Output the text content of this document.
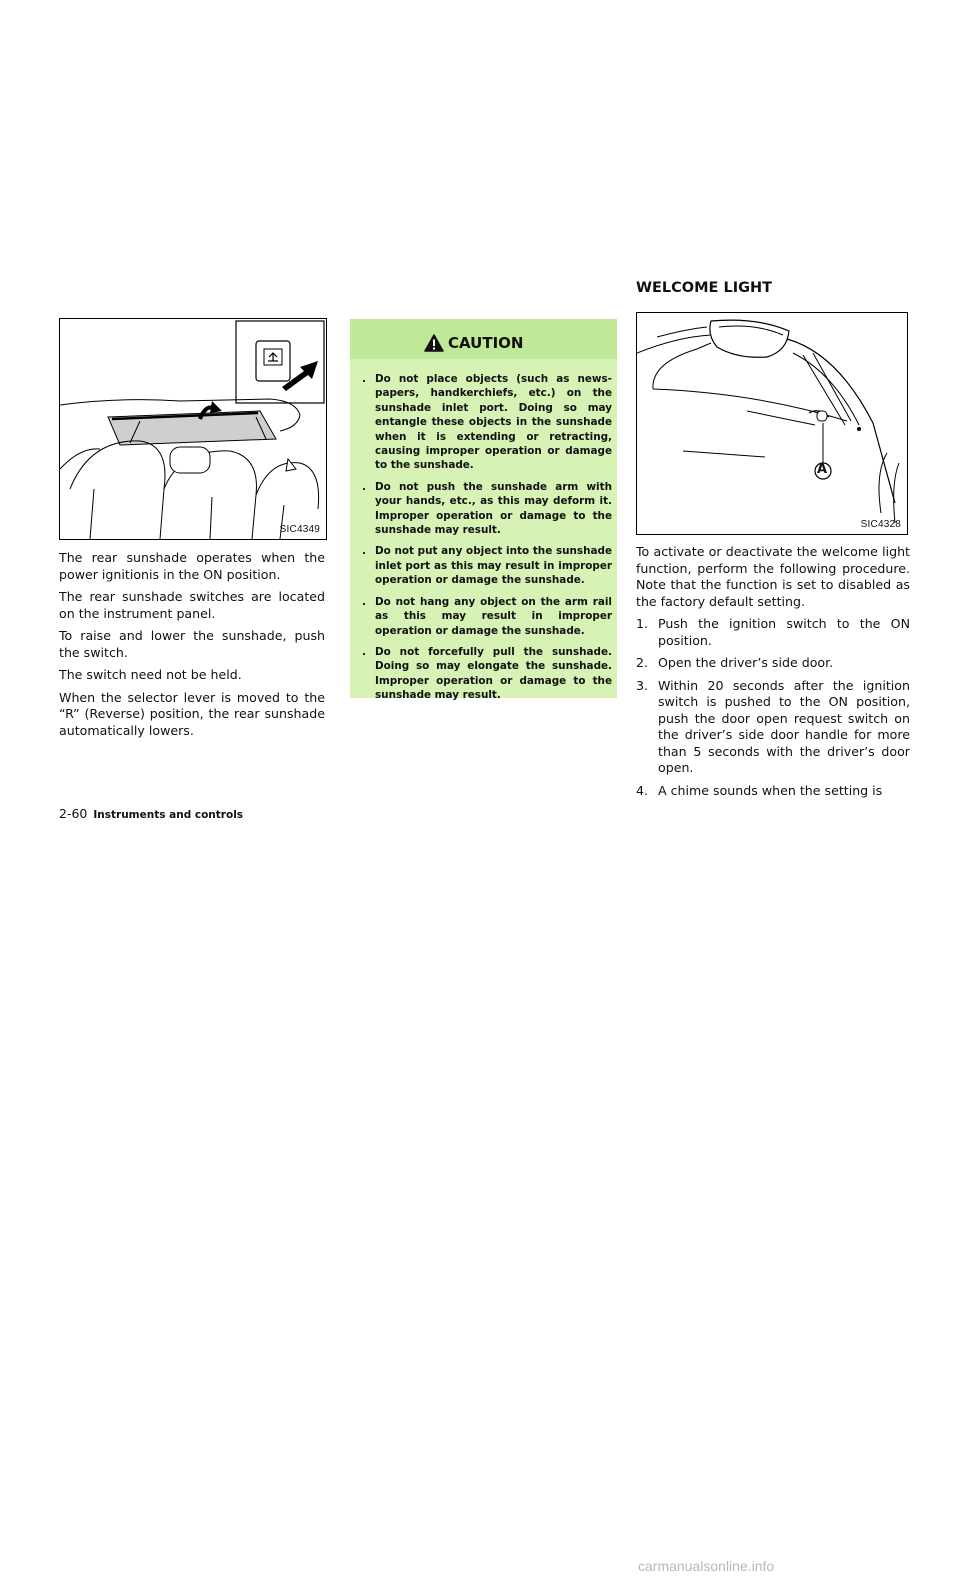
SIC4349

The rear sunshade operates when the power ignitionis in the ON position.

The rear sunshade switches are located on the instrument panel.

To raise and lower the sunshade, push the switch.

The switch need not be held.

When the selector lever is moved to the “R” (Reverse) position, the rear sunshade automatically lowers.

CAUTION
. Do not place objects (such as news-papers, handkerchiefs, etc.) on the sunshade inlet port. Doing so may entangle these objects in the sunshade when it is extending or retracting, causing improper operation or damage to the sunshade.
. Do not push the sunshade arm with your hands, etc., as this may deform it. Improper operation or damage to the sunshade may result.
. Do not put any object into the sunshade inlet port as this may result in improper operation or damage the sunshade.
. Do not hang any object on the arm rail as this may result in improper operation or damage the sunshade.
. Do not forcefully pull the sunshade. Doing so may elongate the sunshade. Improper operation or damage to the sunshade may result.
WELCOME LIGHT
A
SIC4328

To activate or deactivate the welcome light function, perform the following procedure. Note that the function is set to disabled as the factory default setting.

1. Push the ignition switch to the ON position.
2. Open the driver’s side door.
3. Within 20 seconds after the ignition switch is pushed to the ON position, push the door open request switch on the driver’s side door handle for more than 5 seconds with the driver’s door open.
4. A chime sounds when the setting is
2-60 Instruments and controls
carmanualsonline.info
